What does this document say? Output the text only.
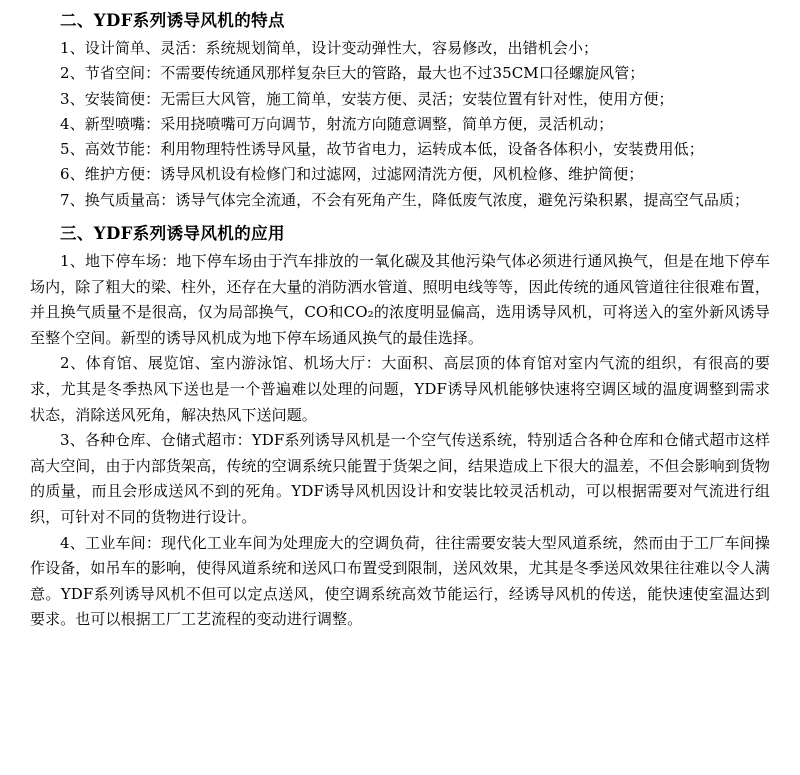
二、YDF系列诱导风机的特点

1、设计简单、灵活：系统规划简单，设计变动弹性大，容易修改，出错机会小；

2、节省空间：不需要传统通风那样复杂巨大的管路，最大也不过35CM口径螺旋风管；

3、安装简便：无需巨大风管，施工简单，安装方便、灵活；安装位置有针对性，使用方便；

4、新型喷嘴：采用挠喷嘴可万向调节，射流方向随意调整，简单方便，灵活机动；

5、高效节能：利用物理特性诱导风量，故节省电力，运转成本低，设备各体积小，安装费用低；

6、维护方便：诱导风机设有检修门和过滤网，过滤网清洗方便，风机检修、维护简便；

7、换气质量高：诱导气体完全流通，不会有死角产生，降低废气浓度，避免污染积累，提高空气品质；

三、YDF系列诱导风机的应用

1、地下停车场：地下停车场由于汽车排放的一氧化碳及其他污染气体必须进行通风换气，但是在地下停车场内，除了粗大的梁、柱外，还存在大量的消防洒水管道、照明电线等等，因此传统的通风管道往往很难布置，并且换气质量不是很高，仅为局部换气，CO和CO₂的浓度明显偏高，选用诱导风机，可将送入的室外新风诱导至整个空间。新型的诱导风机成为地下停车场通风换气的最佳选择。

2、体育馆、展览馆、室内游泳馆、机场大厅：大面积、高层顶的体育馆对室内气流的组织，有很高的要求，尤其是冬季热风下送也是一个普遍难以处理的问题，YDF诱导风机能够快速将空调区域的温度调整到需求状态，消除送风死角，解决热风下送问题。

3、各种仓库、仓储式超市：YDF系列诱导风机是一个空气传送系统，特别适合各种仓库和仓储式超市这样高大空间，由于内部货架高，传统的空调系统只能置于货架之间，结果造成上下很大的温差，不但会影响到货物的质量，而且会形成送风不到的死角。YDF诱导风机因设计和安装比较灵活机动，可以根据需要对气流进行组织，可针对不同的货物进行设计。

4、工业车间：现代化工业车间为处理庞大的空调负荷，往往需要安装大型风道系统，然而由于工厂车间操作设备，如吊车的影响，使得风道系统和送风口布置受到限制，送风效果，尤其是冬季送风效果往往难以令人满意。YDF系列诱导风机不但可以定点送风，使空调系统高效节能运行，经诱导风机的传送，能快速使室温达到要求。也可以根据工厂工艺流程的变动进行调整。
